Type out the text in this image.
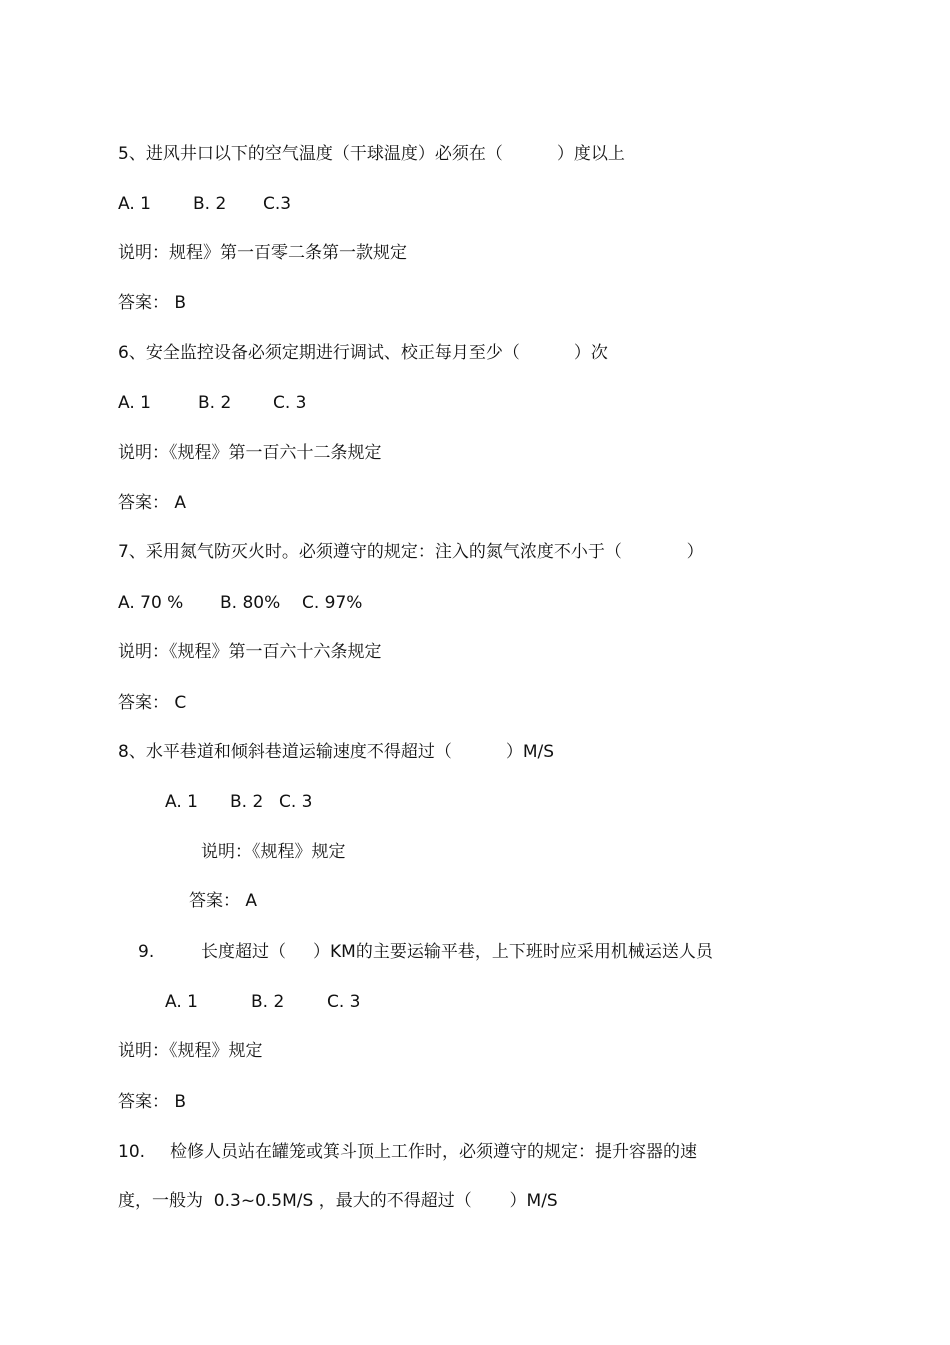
5、进风井口以下的空气温度（干球温度）必须在（          ）度以上
A. 1 B. 2 C.3
说明：规程》第一百零二条第一款规定
答案： B
6、安全监控设备必须定期进行调试、校正每月至少（          ）次
A. 1	B. 2 C. 3
说明：《规程》第一百六十二条规定
答案： A
7、采用氮气防灭火时。必须遵守的规定：注入的氮气浓度不小于（            ）
A. 70 % B. 80% C. 97%
说明：《规程》第一百六十六条规定
答案： C
8、水平巷道和倾斜巷道运输速度不得超过（          ）M/S
A. 1 B. 2 C. 3
说明：《规程》规定
答案： A
9.	长度超过（     ）KM的主要运输平巷，上下班时应采用机械运送人员
A. 1	B. 2	C. 3
说明：《规程》规定
答案： B
10. 检修人员站在罐笼或箕斗顶上工作时，必须遵守的规定：提升容器的速
度，一般为  0.3~0.5M/S ，最大的不得超过（       ）M/S
